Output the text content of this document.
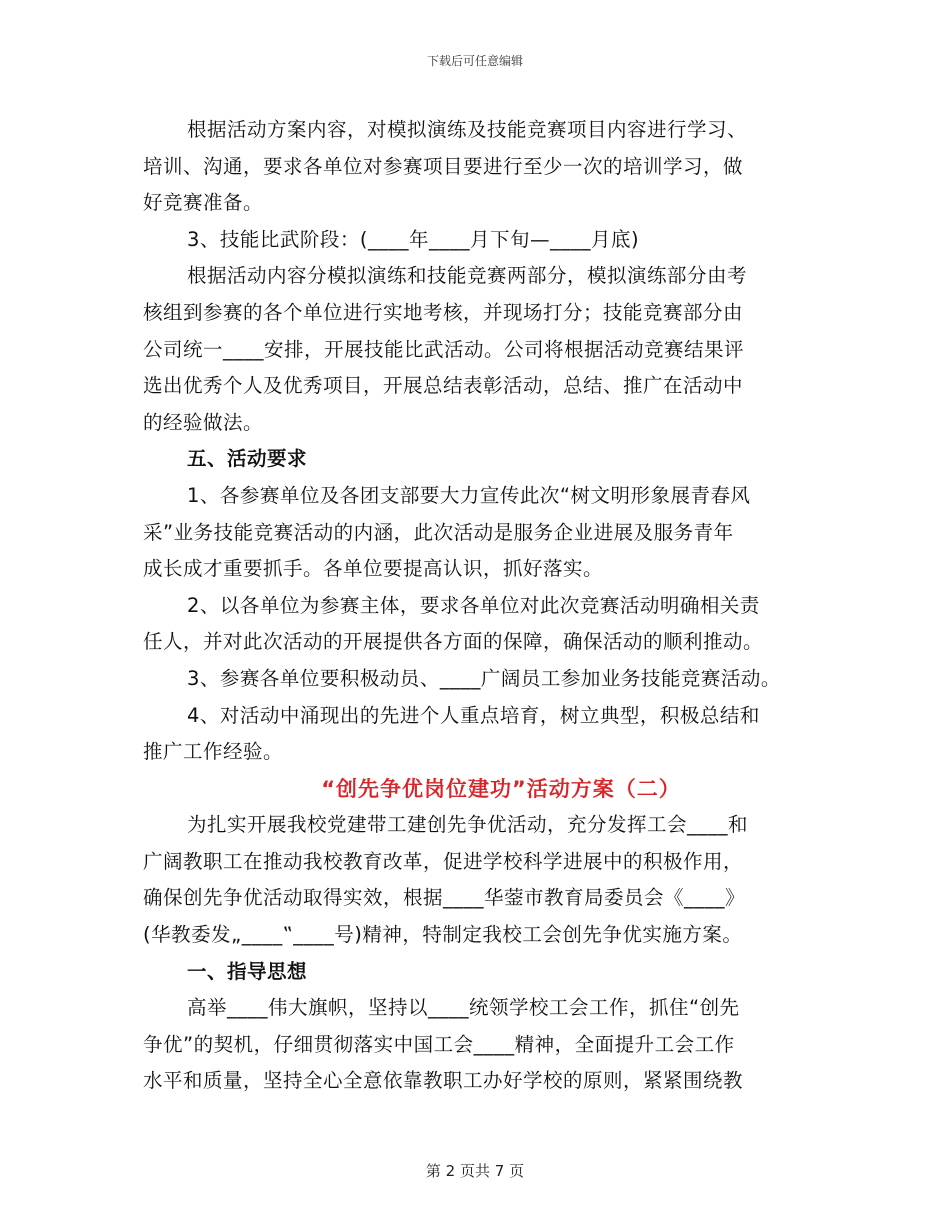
下载后可任意编辑
根据活动方案内容，对模拟演练及技能竞赛项目内容进行学习、
培训、沟通，要求各单位对参赛项目要进行至少一次的培训学习，做
好竞赛准备。
3、技能比武阶段：(____年____月下旬—____月底)
根据活动内容分模拟演练和技能竞赛两部分，模拟演练部分由考
核组到参赛的各个单位进行实地考核，并现场打分；技能竞赛部分由
公司统一____安排，开展技能比武活动。公司将根据活动竞赛结果评
选出优秀个人及优秀项目，开展总结表彰活动，总结、推广在活动中
的经验做法。
五、活动要求
1、各参赛单位及各团支部要大力宣传此次“树文明形象展青春风
采”业务技能竞赛活动的内涵，此次活动是服务企业进展及服务青年
成长成才重要抓手。各单位要提高认识，抓好落实。
2、以各单位为参赛主体，要求各单位对此次竞赛活动明确相关责
任人，并对此次活动的开展提供各方面的保障，确保活动的顺利推动。
3、参赛各单位要积极动员、____广阔员工参加业务技能竞赛活动。
4、对活动中涌现出的先进个人重点培育，树立典型，积极总结和
推广工作经验。
“创先争优岗位建功”活动方案（二）
为扎实开展我校党建带工建创先争优活动，充分发挥工会____和
广阔教职工在推动我校教育改革，促进学校科学进展中的积极作用，
确保创先争优活动取得实效，根据____华蓥市教育局委员会《____》
(华教委发„____‟____号)精神，特制定我校工会创先争优实施方案。
一、指导思想
高举____伟大旗帜，坚持以____统领学校工会工作，抓住“创先
争优”的契机，仔细贯彻落实中国工会____精神，全面提升工会工作
水平和质量，坚持全心全意依靠教职工办好学校的原则，紧紧围绕教
第 2 页共 7 页
